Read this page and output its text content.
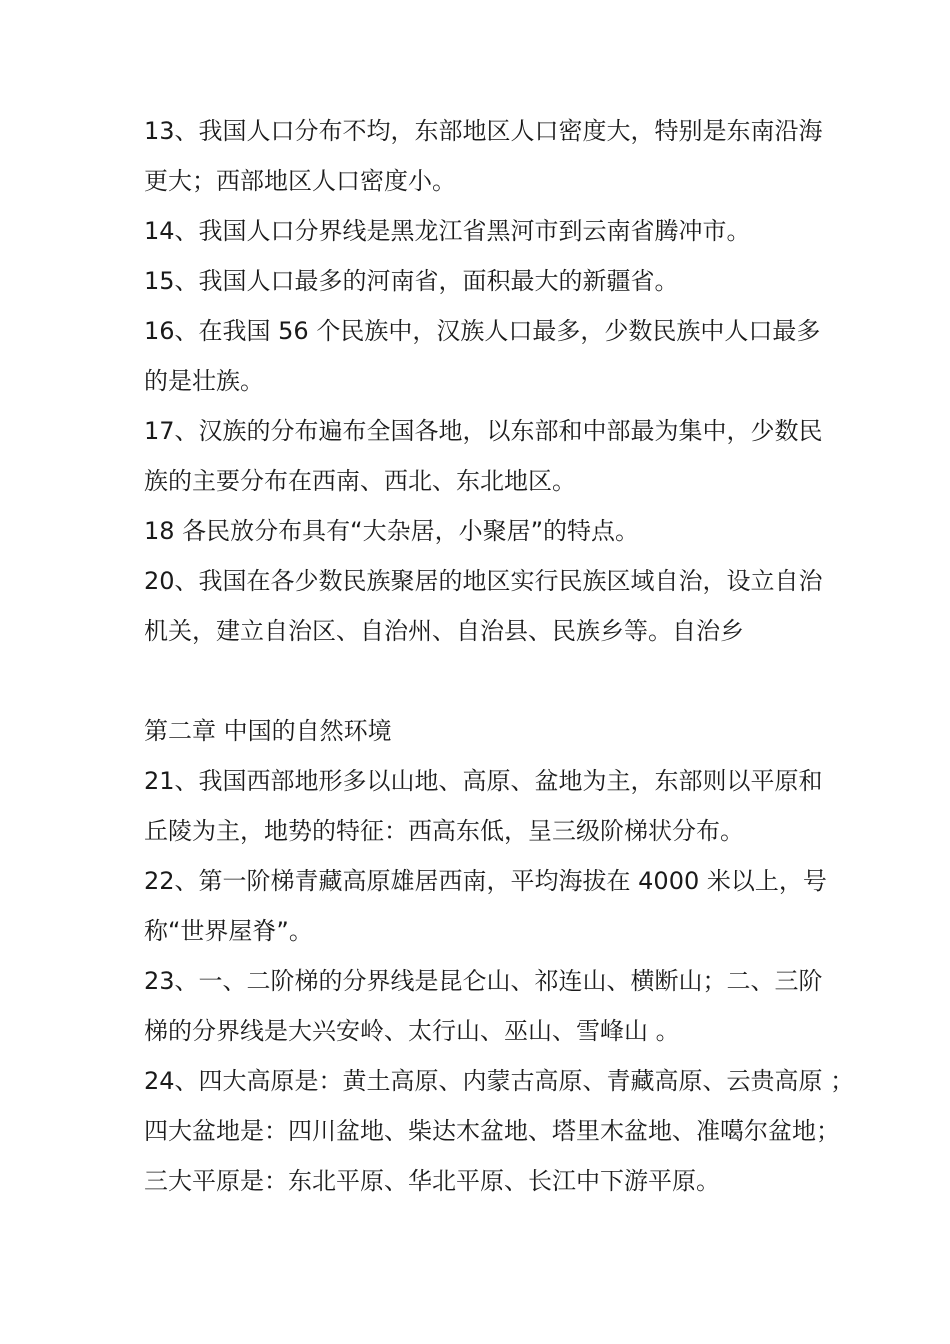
13、我国人口分布不均，东部地区人口密度大，特别是东南沿海
更大；西部地区人口密度小。
14、我国人口分界线是黑龙江省黑河市到云南省腾冲市。
15、我国人口最多的河南省，面积最大的新疆省。
16、在我国 56 个民族中，汉族人口最多，少数民族中人口最多
的是壮族。
17、汉族的分布遍布全国各地，以东部和中部最为集中，少数民
族的主要分布在西南、西北、东北地区。
18 各民放分布具有“大杂居，小聚居”的特点。
20、我国在各少数民族聚居的地区实行民族区域自治，设立自治
机关，建立自治区、自治州、自治县、民族乡等。自治乡
第二章 中国的自然环境
21、我国西部地形多以山地、高原、盆地为主，东部则以平原和
丘陵为主，地势的特征：西高东低，呈三级阶梯状分布。
22、第一阶梯青藏高原雄居西南，平均海拔在 4000 米以上，号
称“世界屋脊”。
23、一、二阶梯的分界线是昆仑山、祁连山、横断山；二、三阶
梯的分界线是大兴安岭、太行山、巫山、雪峰山 。
24、四大高原是：黄土高原、内蒙古高原、青藏高原、云贵高原 ；
四大盆地是：四川盆地、柴达木盆地、塔里木盆地、准噶尔盆地；
三大平原是：东北平原、华北平原、长江中下游平原。
